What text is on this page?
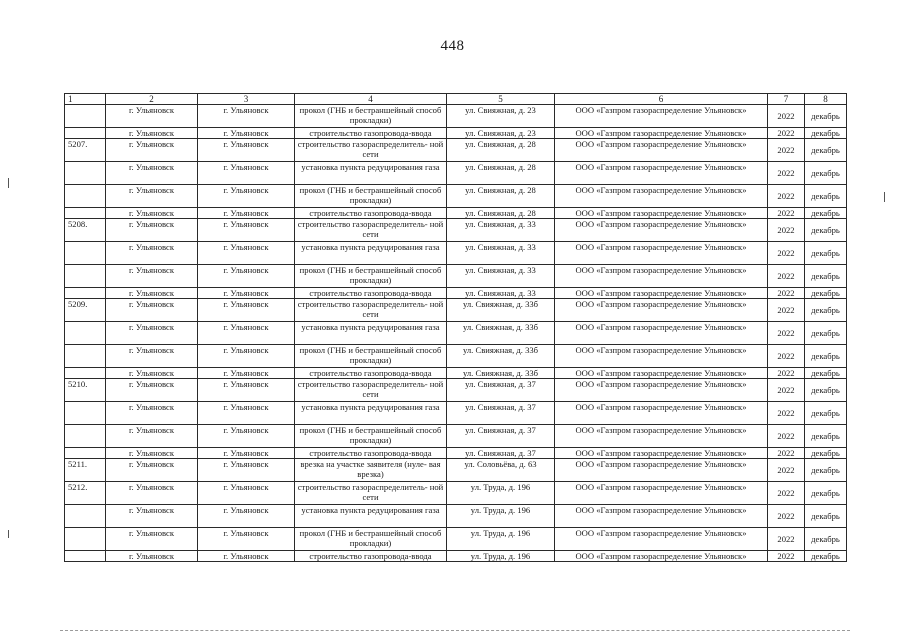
448
1	2	3	4	5	6	7	8
	г. Ульяновск	г. Ульяновск	прокол (ГНБ и бестраншейный способ прокладки)	ул. Свияжная, д. 23	ООО «Газпром газораспределение Ульяновск»	2022	декабрь
	г. Ульяновск	г. Ульяновск	строительство газопровода-ввода	ул. Свияжная, д. 23	ООО «Газпром газораспределение Ульяновск»	2022	декабрь
5207.	г. Ульяновск	г. Ульяновск	строительство газораспределитель- ной сети	ул. Свияжная, д. 28	ООО «Газпром газораспределение Ульяновск»	2022	декабрь
	г. Ульяновск	г. Ульяновск	установка пункта редуцирования газа	ул. Свияжная, д. 28	ООО «Газпром газораспределение Ульяновск»	2022	декабрь
	г. Ульяновск	г. Ульяновск	прокол (ГНБ и бестраншейный способ прокладки)	ул. Свияжная, д. 28	ООО «Газпром газораспределение Ульяновск»	2022	декабрь
	г. Ульяновск	г. Ульяновск	строительство газопровода-ввода	ул. Свияжная, д. 28	ООО «Газпром газораспределение Ульяновск»	2022	декабрь
5208.	г. Ульяновск	г. Ульяновск	строительство газораспределитель- ной сети	ул. Свияжная, д. 33	ООО «Газпром газораспределение Ульяновск»	2022	декабрь
	г. Ульяновск	г. Ульяновск	установка пункта редуцирования газа	ул. Свияжная, д. 33	ООО «Газпром газораспределение Ульяновск»	2022	декабрь
	г. Ульяновск	г. Ульяновск	прокол (ГНБ и бестраншейный способ прокладки)	ул. Свияжная, д. 33	ООО «Газпром газораспределение Ульяновск»	2022	декабрь
	г. Ульяновск	г. Ульяновск	строительство газопровода-ввода	ул. Свияжная, д. 33	ООО «Газпром газораспределение Ульяновск»	2022	декабрь
5209.	г. Ульяновск	г. Ульяновск	строительство газораспределитель- ной сети	ул. Свияжная, д. 33б	ООО «Газпром газораспределение Ульяновск»	2022	декабрь
	г. Ульяновск	г. Ульяновск	установка пункта редуцирования газа	ул. Свияжная, д. 33б	ООО «Газпром газораспределение Ульяновск»	2022	декабрь
	г. Ульяновск	г. Ульяновск	прокол (ГНБ и бестраншейный способ прокладки)	ул. Свияжная, д. 33б	ООО «Газпром газораспределение Ульяновск»	2022	декабрь
	г. Ульяновск	г. Ульяновск	строительство газопровода-ввода	ул. Свияжная, д. 33б	ООО «Газпром газораспределение Ульяновск»	2022	декабрь
5210.	г. Ульяновск	г. Ульяновск	строительство газораспределитель- ной сети	ул. Свияжная, д. 37	ООО «Газпром газораспределение Ульяновск»	2022	декабрь
	г. Ульяновск	г. Ульяновск	установка пункта редуцирования газа	ул. Свияжная, д. 37	ООО «Газпром газораспределение Ульяновск»	2022	декабрь
	г. Ульяновск	г. Ульяновск	прокол (ГНБ и бестраншейный способ прокладки)	ул. Свияжная, д. 37	ООО «Газпром газораспределение Ульяновск»	2022	декабрь
	г. Ульяновск	г. Ульяновск	строительство газопровода-ввода	ул. Свияжная, д. 37	ООО «Газпром газораспределение Ульяновск»	2022	декабрь
5211.	г. Ульяновск	г. Ульяновск	врезка на участке заявителя (нуле- вая врезка)	ул. Соловьёва, д. 63	ООО «Газпром газораспределение Ульяновск»	2022	декабрь
5212.	г. Ульяновск	г. Ульяновск	строительство газораспределитель- ной сети	ул. Труда, д. 196	ООО «Газпром газораспределение Ульяновск»	2022	декабрь
	г. Ульяновск	г. Ульяновск	установка пункта редуцирования газа	ул. Труда, д. 196	ООО «Газпром газораспределение Ульяновск»	2022	декабрь
	г. Ульяновск	г. Ульяновск	прокол (ГНБ и бестраншейный способ прокладки)	ул. Труда, д. 196	ООО «Газпром газораспределение Ульяновск»	2022	декабрь
	г. Ульяновск	г. Ульяновск	строительство газопровода-ввода	ул. Труда, д. 196	ООО «Газпром газораспределение Ульяновск»	2022	декабрь
